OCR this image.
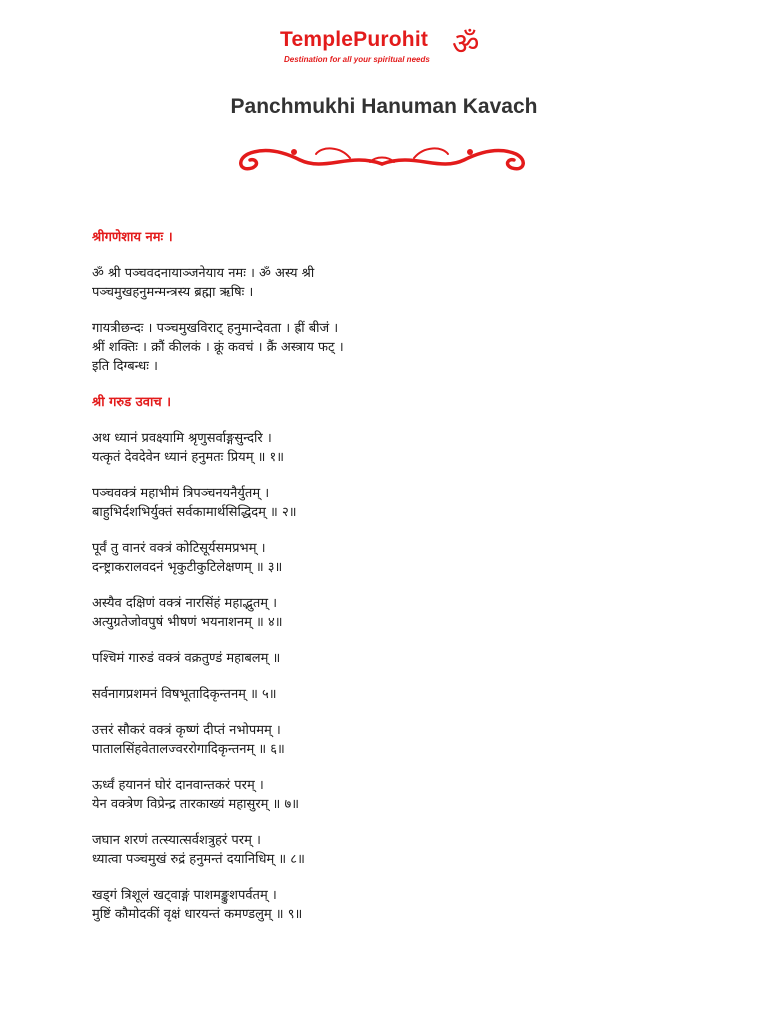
TemplePurohit ॐ
Destination for all your spiritual needs
Panchmukhi Hanuman Kavach
श्रीगणेशाय नमः ।
ॐ श्री पञ्चवदनायाञ्जनेयाय नमः । ॐ अस्य श्री
पञ्चमुखहनुमन्मन्त्रस्य ब्रह्मा ऋषिः ।
गायत्रीछन्दः । पञ्चमुखविराट् हनुमान्देवता । ह्रीं बीजं ।
श्रीं शक्तिः । क्रौं कीलकं । क्रूं कवचं । क्रैं अस्त्राय फट् ।
इति दिग्बन्धः ।
श्री गरुड उवाच ।
अथ ध्यानं प्रवक्ष्यामि श्रृणुसर्वाङ्गसुन्दरि ।
यत्कृतं देवदेवेन ध्यानं हनुमतः प्रियम् ॥ १॥
पञ्चवक्त्रं महाभीमं त्रिपञ्चनयनैर्युतम् ।
बाहुभिर्दशभिर्युक्तं सर्वकामार्थसिद्धिदम् ॥ २॥
पूर्वं तु वानरं वक्त्रं कोटिसूर्यसमप्रभम् ।
दन्ष्ट्राकरालवदनं भृकुटीकुटिलेक्षणम् ॥ ३॥
अस्यैव दक्षिणं वक्त्रं नारसिंहं महाद्भुतम् ।
अत्युग्रतेजोवपुषं भीषणं भयनाशनम् ॥ ४॥
पश्चिमं गारुडं वक्त्रं वक्रतुण्डं महाबलम् ॥
सर्वनागप्रशमनं विषभूतादिकृन्तनम् ॥ ५॥
उत्तरं सौकरं वक्त्रं कृष्णं दीप्तं नभोपमम् ।
पातालसिंहवेतालज्वररोगादिकृन्तनम् ॥ ६॥
ऊर्ध्वं हयाननं घोरं दानवान्तकरं परम् ।
येन वक्त्रेण विप्रेन्द्र तारकाख्यं महासुरम् ॥ ७॥
जघान शरणं तत्स्यात्सर्वशत्रुहरं परम् ।
ध्यात्वा पञ्चमुखं रुद्रं हनुमन्तं दयानिधिम् ॥ ८॥
खड्गं त्रिशूलं खट्वाङ्गं पाशमङ्कुशपर्वतम् ।
मुष्टिं कौमोदकीं वृक्षं धारयन्तं कमण्डलुम् ॥ ९॥
